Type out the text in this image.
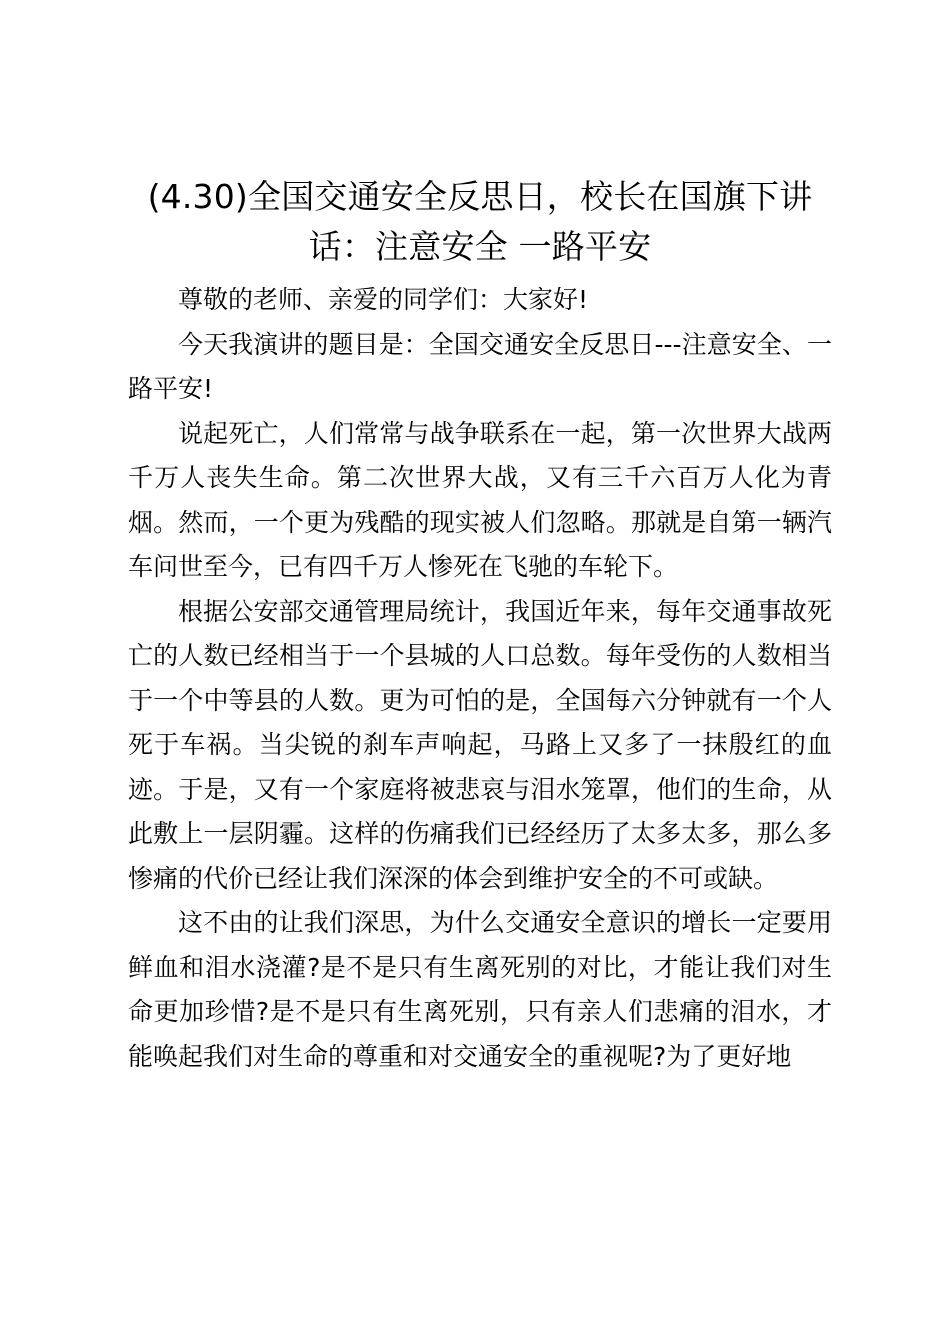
(4.30)全国交通安全反思日，校长在国旗下讲话：注意安全 一路平安

尊敬的老师、亲爱的同学们：大家好!

今天我演讲的题目是：全国交通安全反思日---注意安全、一路平安!

说起死亡，人们常常与战争联系在一起，第一次世界大战两千万人丧失生命。第二次世界大战，又有三千六百万人化为青烟。然而，一个更为残酷的现实被人们忽略。那就是自第一辆汽车问世至今，已有四千万人惨死在飞驰的车轮下。

根据公安部交通管理局统计，我国近年来，每年交通事故死亡的人数已经相当于一个县城的人口总数。每年受伤的人数相当于一个中等县的人数。更为可怕的是，全国每六分钟就有一个人死于车祸。当尖锐的刹车声响起，马路上又多了一抹殷红的血迹。于是，又有一个家庭将被悲哀与泪水笼罩，他们的生命，从此敷上一层阴霾。这样的伤痛我们已经经历了太多太多，那么多惨痛的代价已经让我们深深的体会到维护安全的不可或缺。

这不由的让我们深思，为什么交通安全意识的增长一定要用鲜血和泪水浇灌?是不是只有生离死别的对比，才能让我们对生命更加珍惜?是不是只有生离死别，只有亲人们悲痛的泪水，才能唤起我们对生命的尊重和对交通安全的重视呢?为了更好地
